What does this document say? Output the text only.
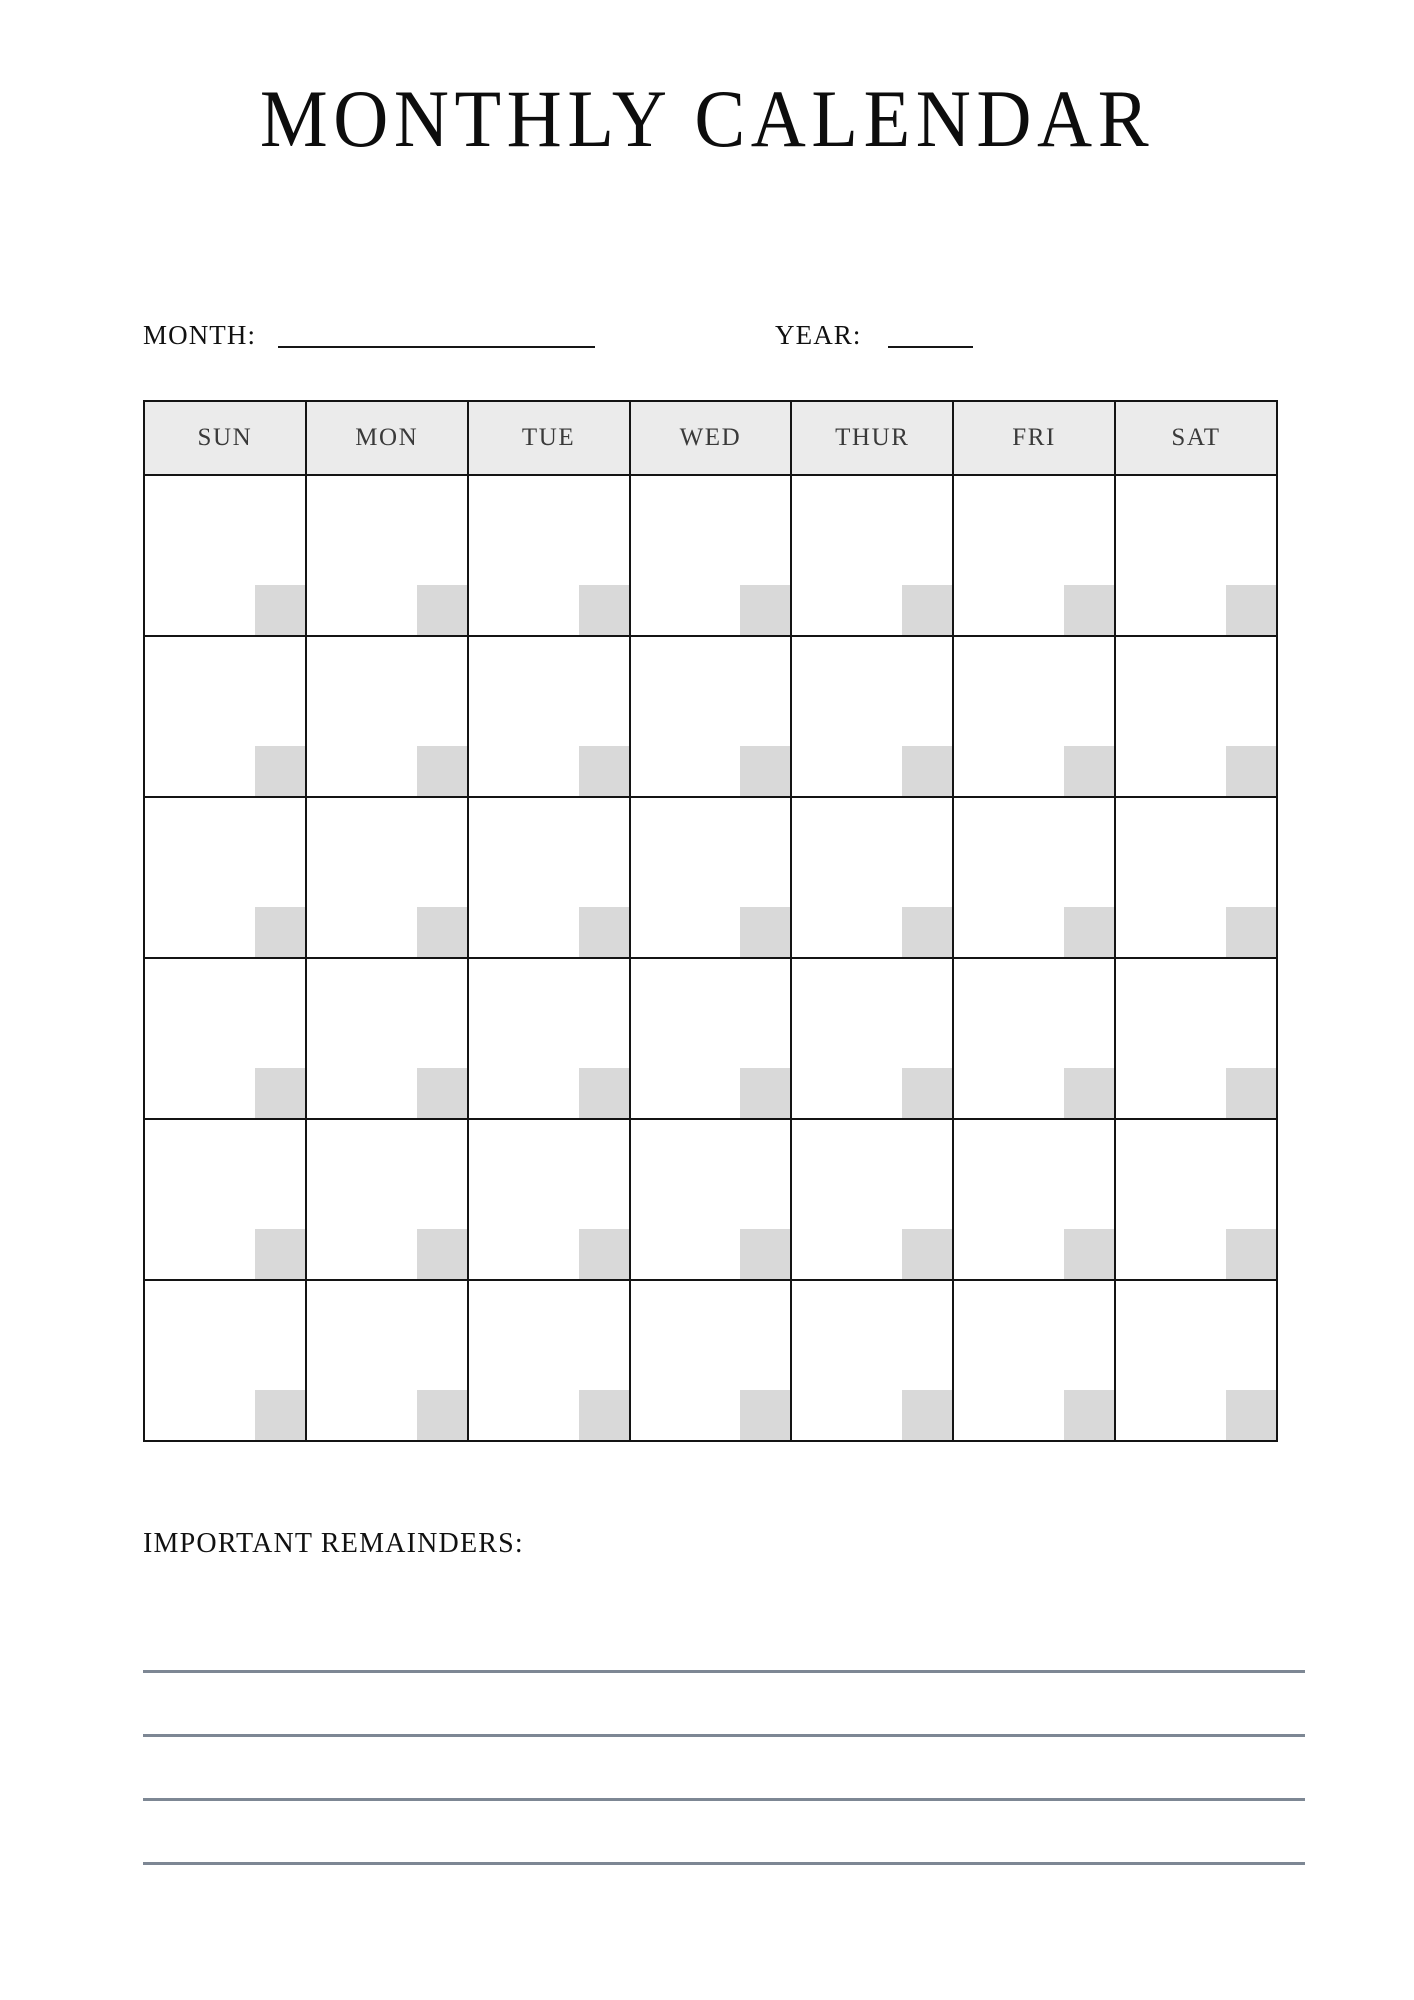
MONTHLY CALENDAR
MONTH:	YEAR:
SUN	MON	TUE	WED	THUR	FRI	SAT

IMPORTANT REMAINDERS:
